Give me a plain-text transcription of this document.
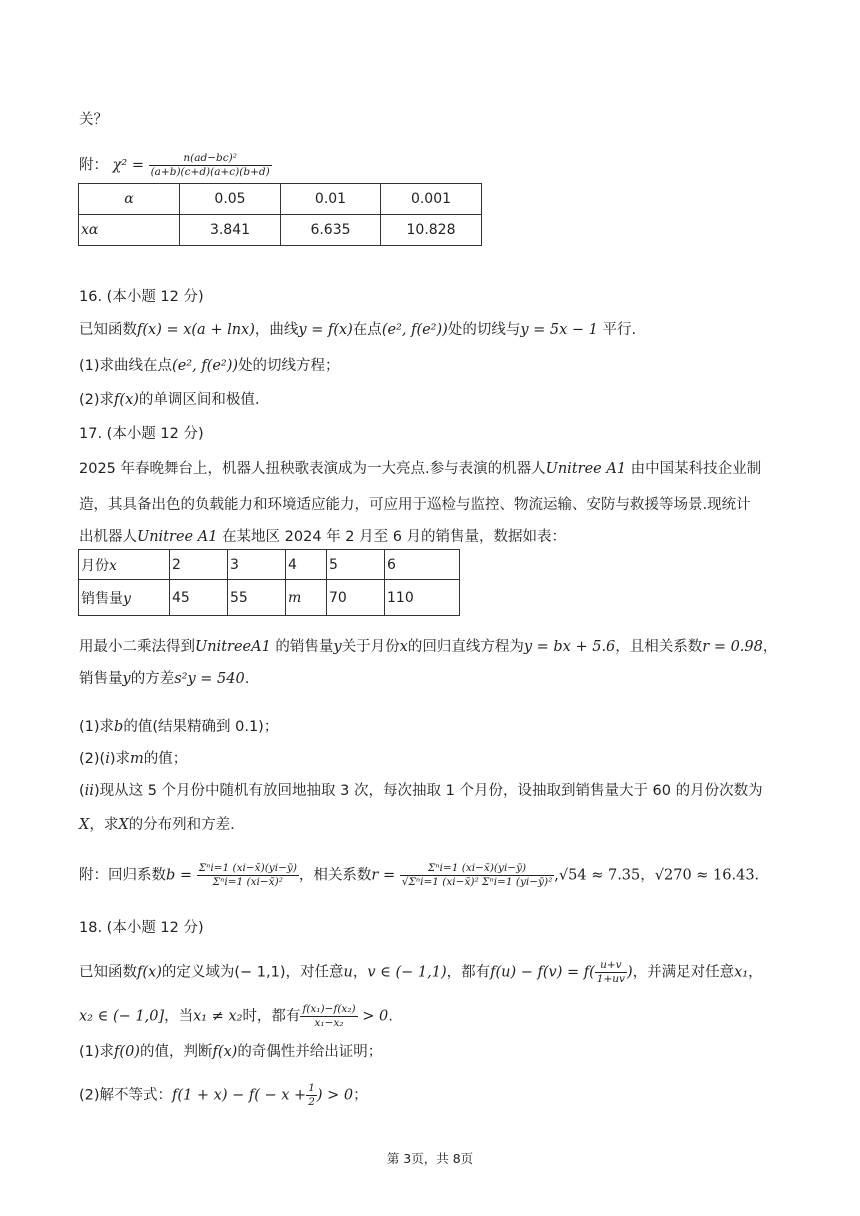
关？
附： $\chi^2 = \frac{\text{n(ad−bc)²}}{(a+b)(c+d)(a+c)(b+d)}$
α	0.05	0.01	0.001
xα	3.841	6.635	10.828
16. (本小题 12 分)
已知函数f(x) = x(a + lnx)，曲线y = f(x)在点(e², f(e²))处的切线与y = 5x − 1 平行.
(1)求曲线在点(e², f(e²))处的切线方程；
(2)求f(x)的单调区间和极值.
17. (本小题 12 分)
2025 年春晚舞台上，机器人扭秧歌表演成为一大亮点.参与表演的机器人Unitree A1 由中国某科技企业制
造，其具备出色的负载能力和环境适应能力，可应用于巡检与监控、物流运输、安防与救援等场景.现统计
出机器人Unitree A1 在某地区 2024 年 2 月至 6 月的销售量，数据如表：
月份x	2	3	4	5	6
销售量y	45	55	m	70	110
用最小二乘法得到UnitreeA1 的销售量y关于月份x的回归直线方程为y = bx + 5.6，且相关系数r = 0.98，
销售量y的方差s²y = 540.
(1)求b的值(结果精确到 0.1)；
(2)(i)求m的值；
(ii)现从这 5 个月份中随机有放回地抽取 3 次，每次抽取 1 个月份，设抽取到销售量大于 60 的月份次数为
X，求X的分布列和方差.
附：回归系数$b = \frac{\text{Σⁿi=1 (xi−x̄)(yi−ȳ)}}{\text{Σⁿi=1 (xi−x̄)²}}$ ，相关系数$r = \frac{\text{Σⁿi=1 (xi−x̄)(yi−ȳ)}}{\text{√Σⁿi=1 (xi−x̄)² Σⁿi=1 (yi−ȳ)²}} ,√54 \approx 7.35$，√270 ≈ 16.43.
18. (本小题 12 分)
已知函数f(x)的定义域为(− 1,1)，对任意u，v ∈ (− 1,1)，都有$f(u) - f(v) = f( \frac{u+v}{1+uv}$ )，并满足对任意x₁，
x₂ ∈ (− 1,0]，当x₁ ≠ x₂时，都有 $\frac{\text{f(x₁)−f(x₂)}}{\text{x₁−x₂}} > 0$.
(1)求f(0)的值，判断f(x)的奇偶性并给出证明；
(2)解不等式：$f(1 + x) - f( - x + \frac{1}{2}$ ) > 0；
第 3页，共 8页
